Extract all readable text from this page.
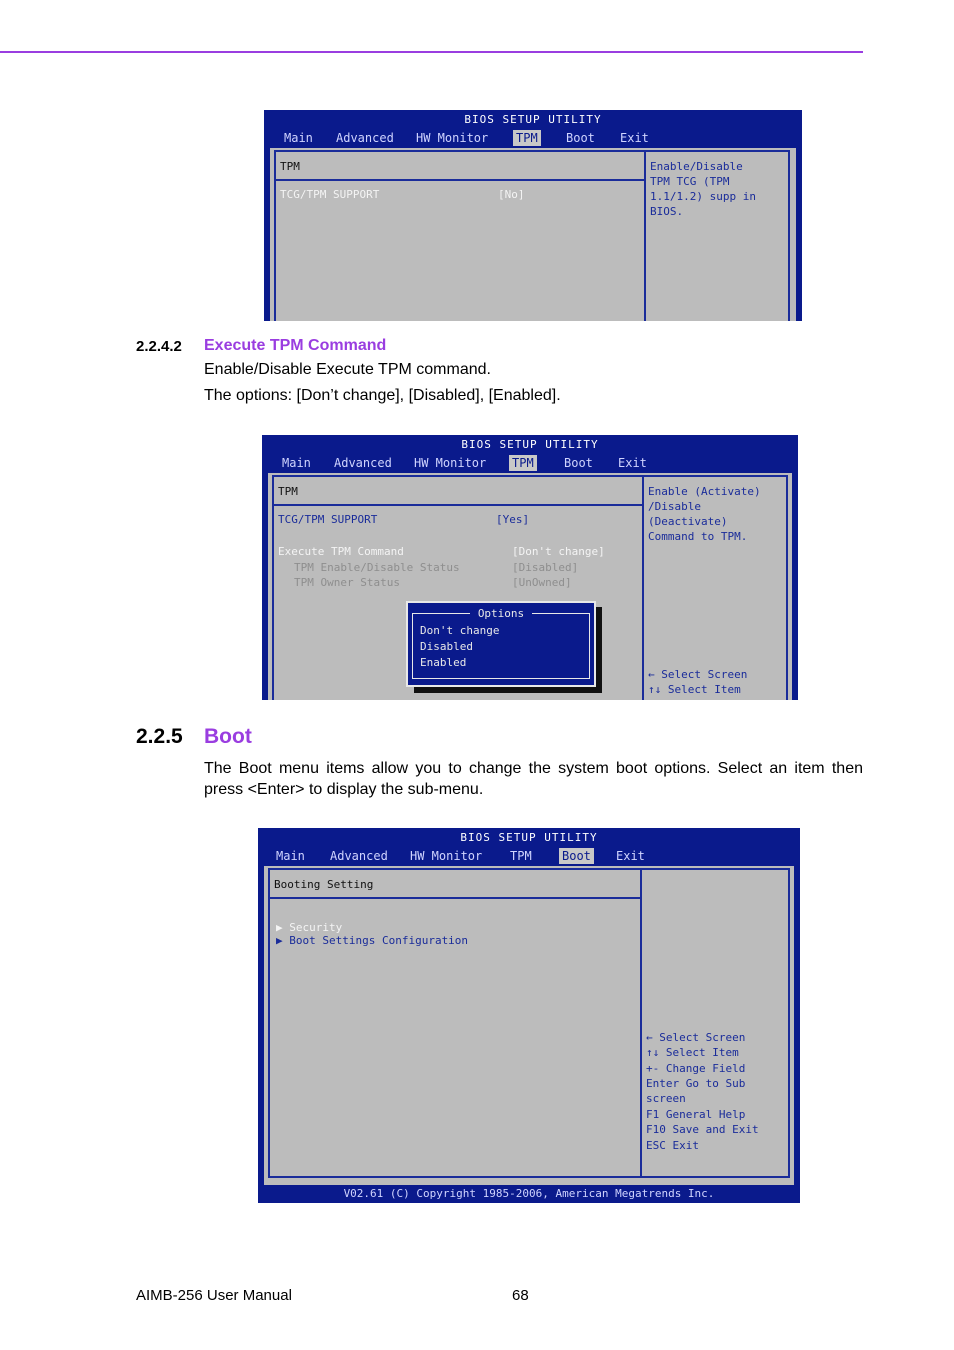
BIOS SETUP UTILITY
Main Advanced HW Monitor TPM Boot Exit
TPM
TCG/TPM SUPPORT	[No]
Enable/Disable
TPM TCG (TPM
1.1/1.2) supp in
BIOS.
2.2.4.2 Execute TPM Command
Enable/Disable Execute TPM command.
The options: [Don’t change], [Disabled], [Enabled].
BIOS SETUP UTILITY
Main Advanced HW Monitor TPM	Boot Exit
TPM
TCG/TPM SUPPORT	[Yes]
Execute TPM Command	[Don't change]
TPM Enable/Disable Status	[Disabled]
TPM Owner Status	[UnOwned]
Enable (Activate)
/Disable
(Deactivate)
Command to TPM.
← Select Screen
↑↓ Select Item
Options
Don't change
Disabled
Enabled
2.2.5 Boot
The Boot menu items allow you to change the system boot options. Select an item then press <Enter> to display the sub-menu.
BIOS SETUP UTILITY
Main Advanced HW Monitor TPM	Boot Exit
Booting Setting
▶ Security
▶ Boot Settings Configuration
← Select Screen
↑↓ Select Item
+- Change Field
Enter Go to Sub
screen
F1 General Help
F10 Save and Exit
ESC Exit
V02.61 (C) Copyright 1985-2006, American Megatrends Inc.
AIMB-256 User Manual	68
